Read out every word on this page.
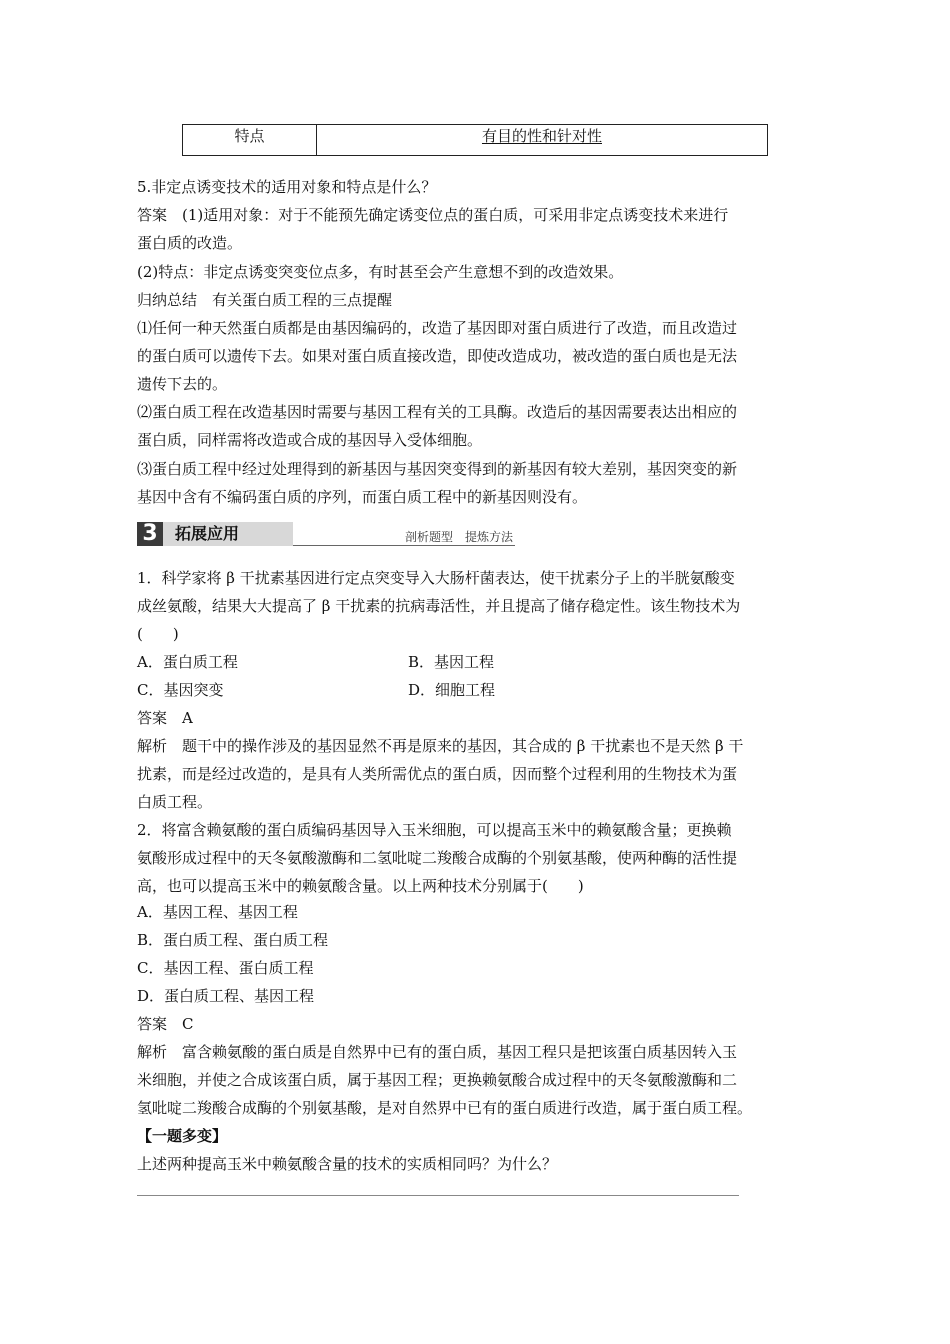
特点	有目的性和针对性
5.非定点诱变技术的适用对象和特点是什么？
答案　(1)适用对象：对于不能预先确定诱变位点的蛋白质，可采用非定点诱变技术来进行
蛋白质的改造。
(2)特点：非定点诱变突变位点多，有时甚至会产生意想不到的改造效果。
归纳总结　有关蛋白质工程的三点提醒
⑴任何一种天然蛋白质都是由基因编码的，改造了基因即对蛋白质进行了改造，而且改造过
的蛋白质可以遗传下去。如果对蛋白质直接改造，即使改造成功，被改造的蛋白质也是无法
遗传下去的。
⑵蛋白质工程在改造基因时需要与基因工程有关的工具酶。改造后的基因需要表达出相应的
蛋白质，同样需将改造或合成的基因导入受体细胞。
⑶蛋白质工程中经过处理得到的新基因与基因突变得到的新基因有较大差别，基因突变的新
基因中含有不编码蛋白质的序列，而蛋白质工程中的新基因则没有。
3	拓展应用	剖析题型　提炼方法
1．科学家将 β 干扰素基因进行定点突变导入大肠杆菌表达，使干扰素分子上的半胱氨酸变
成丝氨酸，结果大大提高了 β 干扰素的抗病毒活性，并且提高了储存稳定性。该生物技术为
(　　)
A．蛋白质工程	B．基因工程
C．基因突变	D．细胞工程
答案　A
解析　题干中的操作涉及的基因显然不再是原来的基因，其合成的 β 干扰素也不是天然 β 干
扰素，而是经过改造的，是具有人类所需优点的蛋白质，因而整个过程利用的生物技术为蛋
白质工程。
2．将富含赖氨酸的蛋白质编码基因导入玉米细胞，可以提高玉米中的赖氨酸含量；更换赖
氨酸形成过程中的天冬氨酸激酶和二氢吡啶二羧酸合成酶的个别氨基酸，使两种酶的活性提
高，也可以提高玉米中的赖氨酸含量。以上两种技术分别属于(　　)
A．基因工程、基因工程
B．蛋白质工程、蛋白质工程
C．基因工程、蛋白质工程
D．蛋白质工程、基因工程
答案　C
解析　富含赖氨酸的蛋白质是自然界中已有的蛋白质，基因工程只是把该蛋白质基因转入玉
米细胞，并使之合成该蛋白质，属于基因工程；更换赖氨酸合成过程中的天冬氨酸激酶和二
氢吡啶二羧酸合成酶的个别氨基酸，是对自然界中已有的蛋白质进行改造，属于蛋白质工程。
【一题多变】
上述两种提高玉米中赖氨酸含量的技术的实质相同吗？为什么？
